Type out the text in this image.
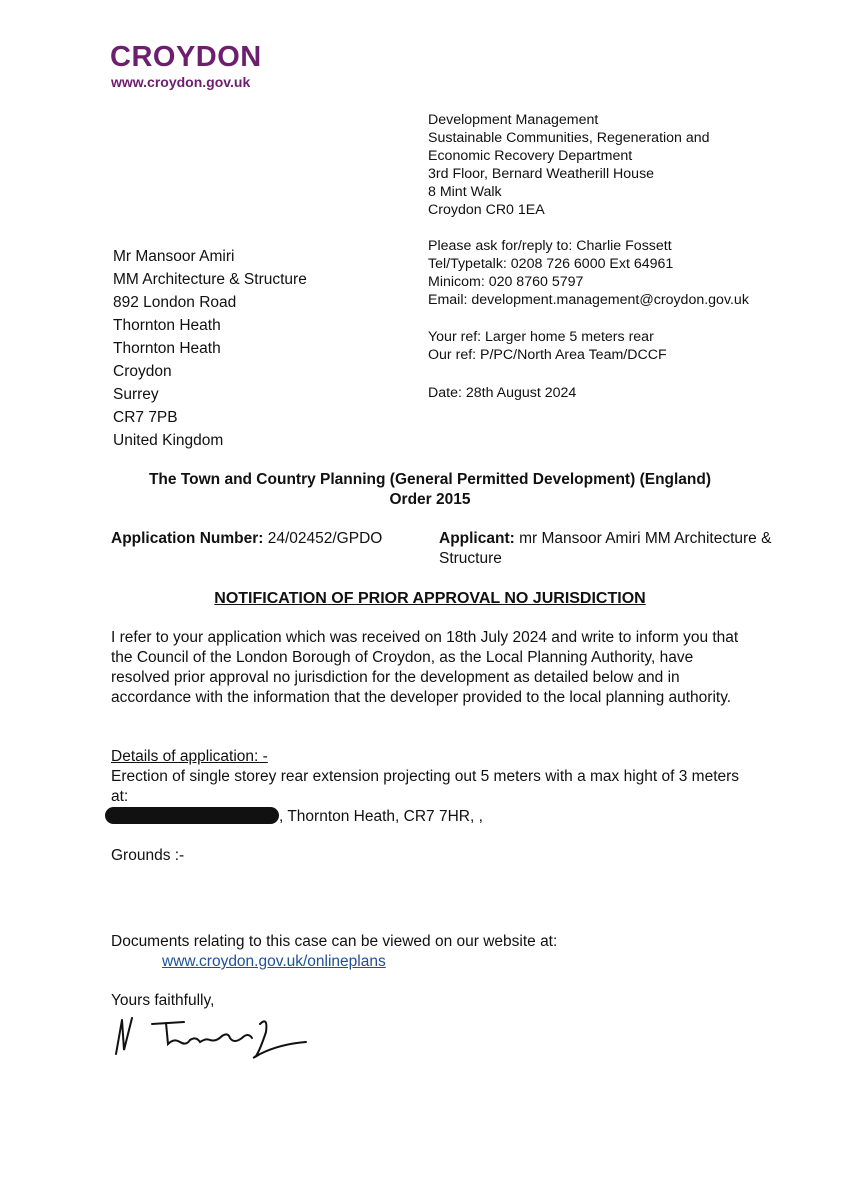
CROYDON
www.croydon.gov.uk
Development Management
Sustainable Communities, Regeneration and
Economic Recovery Department
3rd Floor, Bernard Weatherill House
8 Mint Walk
Croydon CR0 1EA
Please ask for/reply to: Charlie Fossett
Tel/Typetalk: 0208 726 6000 Ext 64961
Minicom: 020 8760 5797
Email: development.management@croydon.gov.uk
Your ref: Larger home 5 meters rear
Our ref: P/PC/North Area Team/DCCF
Date: 28th August 2024
Mr Mansoor Amiri
MM Architecture & Structure
892 London Road
Thornton Heath
Thornton Heath
Croydon
Surrey
CR7 7PB
United Kingdom
The Town and Country Planning (General Permitted Development) (England)
Order 2015
Application Number: 24/02452/GPDO	Applicant: mr Mansoor Amiri MM Architecture & Structure
NOTIFICATION OF PRIOR APPROVAL NO JURISDICTION
I refer to your application which was received on 18th July 2024 and write to inform you that the Council of the London Borough of Croydon, as the Local Planning Authority, have resolved prior approval no jurisdiction for the development as detailed below and in accordance with the information that the developer provided to the local planning authority.
Details of application: -
Erection of single storey rear extension projecting out 5 meters with a max hight of 3 meters
at:
, Thornton Heath, CR7 7HR, ,
Grounds :-
Documents relating to this case can be viewed on our website at:
www.croydon.gov.uk/onlineplans
Yours faithfully,
